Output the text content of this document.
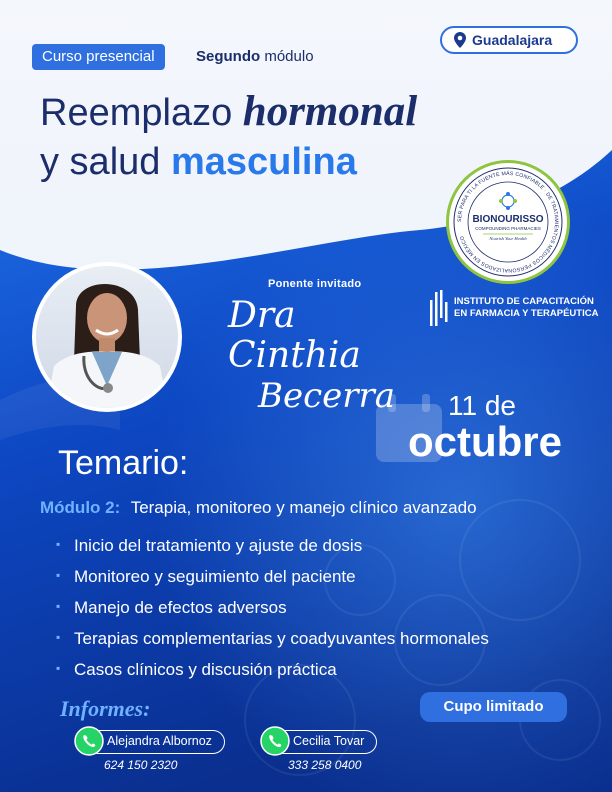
Curso presencial	Segundo módulo
Guadalajara
Reemplazo hormonal
y salud masculina
SER PARA TI LA FUENTE MÁS CONFIABLE · DE TRATAMIENTOS MÉDICOS PERSONALIZADOS EN MÉXICO
BIONOURISSO
COMPOUNDING PHARMACIES
Nourish Your Health
Ponente invitado
Dra Cinthia
Becerra
INSTITUTO DE CAPACITACIÓN
EN FARMACIA Y TERAPÉUTICA
11 de
octubre
Temario:
Módulo 2: Terapia, monitoreo y manejo clínico avanzado
▪ Inicio del tratamiento y ajuste de dosis
▪ Monitoreo y seguimiento del paciente
▪ Manejo de efectos adversos
▪ Terapias complementarias y coadyuvantes hormonales
▪ Casos clínicos y discusión práctica
Informes:	Cupo limitado
Alejandra Albornoz
624 150 2320
Cecilia Tovar
333 258 0400
